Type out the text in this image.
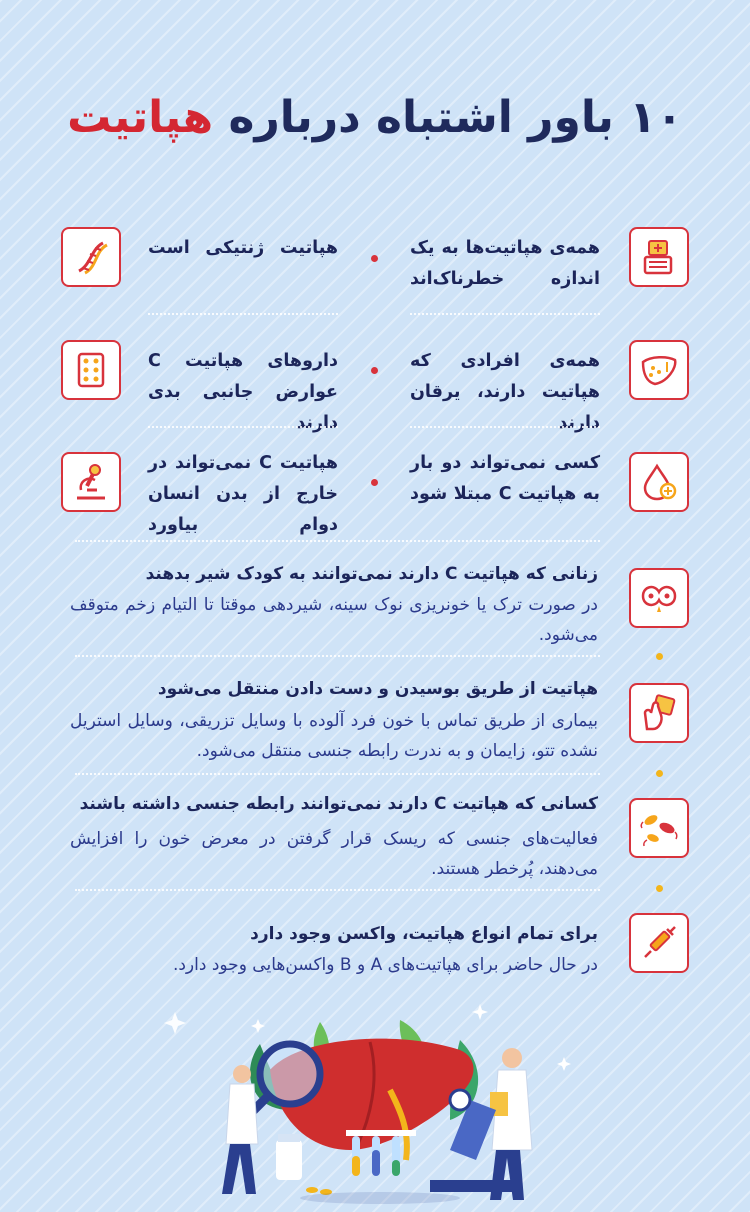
۱۰ باور اشتباه درباره هپاتیت
همه‌ی هپاتیت‌ها به یک اندازه خطرناک‌اند
هپاتیت ژنتیکی است
همه‌ی افرادی که هپاتیت دارند، یرقان دارند
داروهای هپاتیت C عوارض جانبی بدی دارند
کسی نمی‌تواند دو بار به هپاتیت C مبتلا شود
هپاتیت C نمی‌تواند در خارج از بدن انسان دوام بیاورد
زنانی که هپاتیت C دارند نمی‌توانند به کودک شیر بدهند
در صورت ترک یا خونریزی نوک سینه، شیردهی موقتا تا التیام زخم متوقف می‌شود.
هپاتیت از طریق بوسیدن و دست دادن منتقل می‌شود
بیماری از طریق تماس با خون فرد آلوده با وسایل تزریقی، وسایل استریل نشده تتو، زایمان و به ندرت رابطه جنسی منتقل می‌شود.
کسانی که هپاتیت C دارند نمی‌توانند رابطه جنسی داشته باشند
فعالیت‌های جنسی که ریسک قرار گرفتن در معرض خون را افزایش می‌دهند، پُرخطر هستند.
برای تمام انواع هپاتیت، واکسن وجود دارد
در حال حاضر برای هپاتیت‌های A و B واکسن‌هایی وجود دارد.
